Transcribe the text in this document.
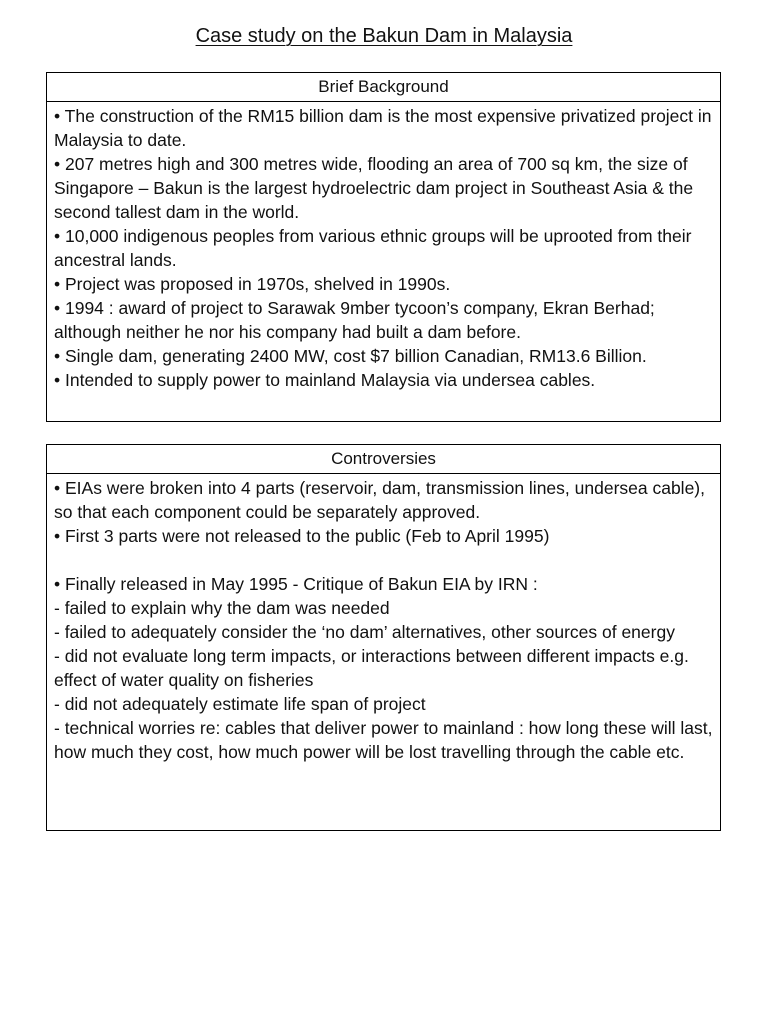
Case study on the Bakun Dam in Malaysia
Brief Background

• The construction of the RM15 billion dam is the most expensive privatized project in Malaysia to date.

• 207 metres high and 300 metres wide, flooding an area of 700 sq km, the size of Singapore – Bakun is the largest hydroelectric dam project in Southeast Asia & the second tallest dam in the world.

• 10,000 indigenous peoples from various ethnic groups will be uprooted from their ancestral lands.

• Project was proposed in 1970s, shelved in 1990s.

• 1994 : award of project to Sarawak 9mber tycoon’s company, Ekran Berhad; although neither he nor his company had built a dam before.

• Single dam, generating 2400 MW, cost $7 billion Canadian, RM13.6 Billion.

• Intended to supply power to mainland Malaysia via undersea cables.

Controversies

• EIAs were broken into 4 parts (reservoir, dam, transmission lines, undersea cable), so that each component could be separately approved.

• First 3 parts were not released to the public (Feb to April 1995)

• Finally released in May 1995 - Critique of Bakun EIA by IRN :

- failed to explain why the dam was needed

- failed to adequately consider the ‘no dam’ alternatives, other sources of energy

- did not evaluate long term impacts, or interactions between different impacts e.g. effect of water quality on fisheries

- did not adequately estimate life span of project

- technical worries re: cables that deliver power to mainland : how long these will last, how much they cost, how much power will be lost travelling through the cable etc.
